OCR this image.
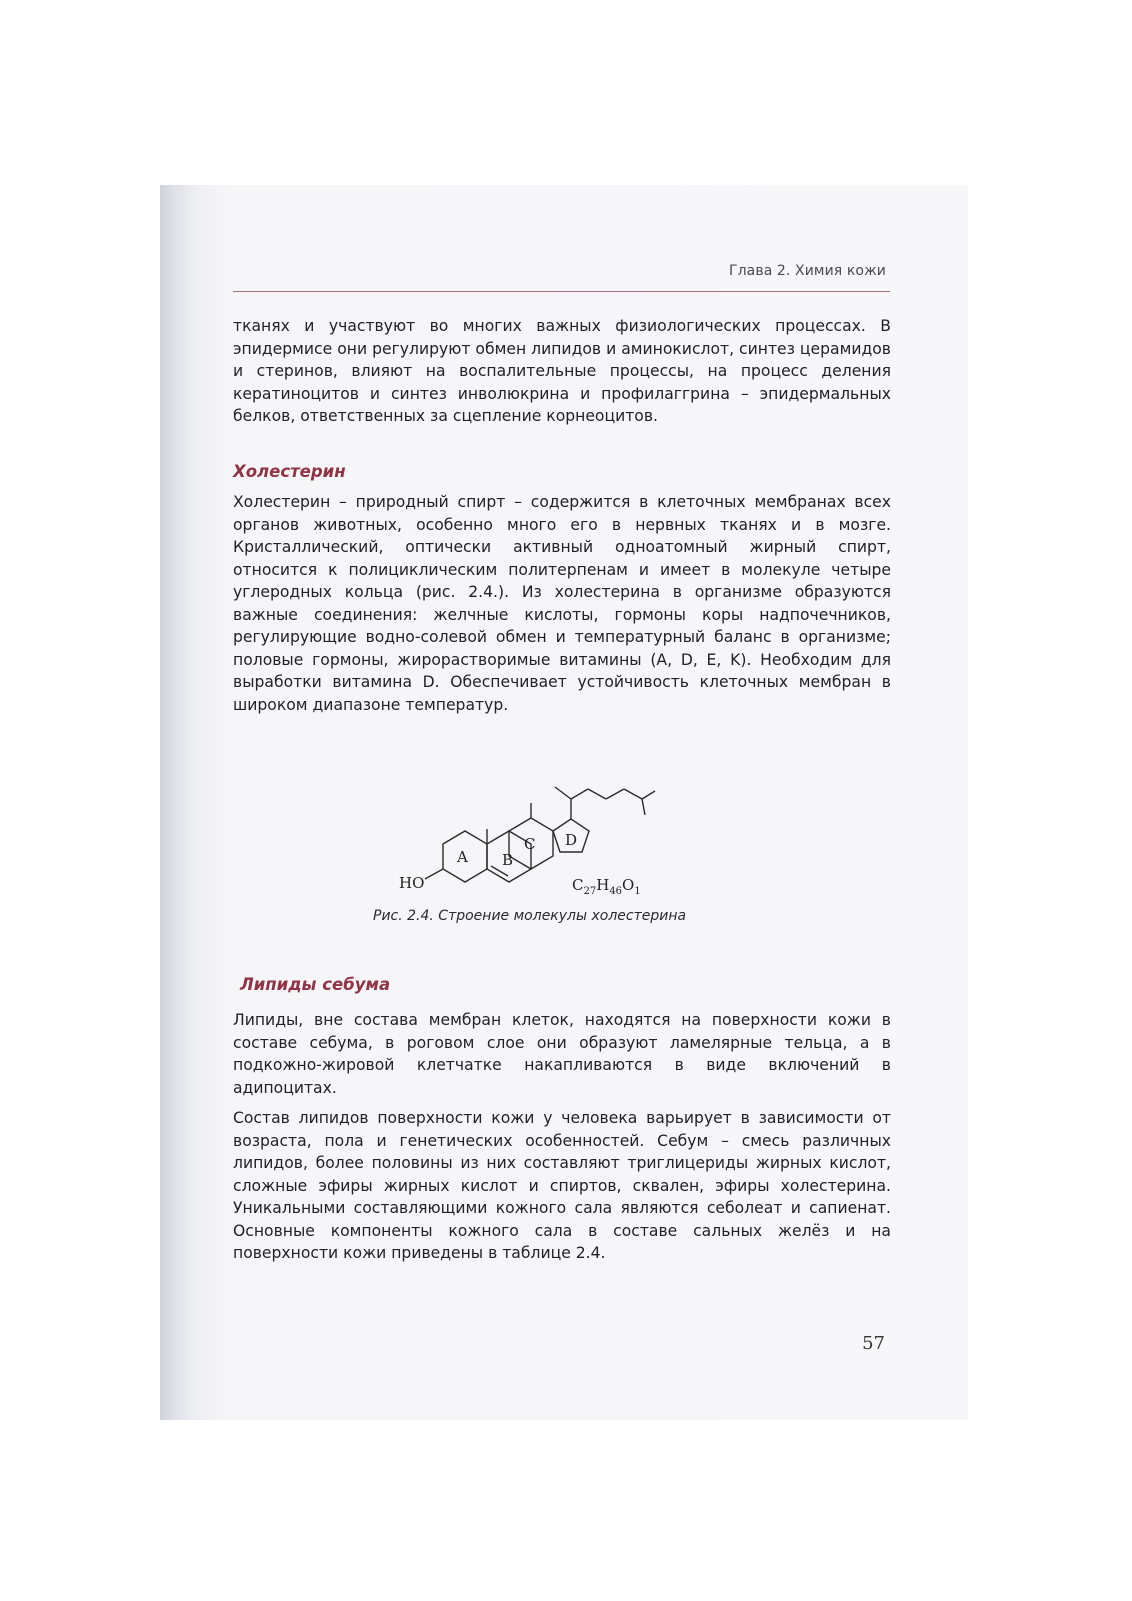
Глава 2. Химия кожи

тканях и участвуют во многих важных физиологических процессах. В эпидермисе они регулируют обмен липидов и аминокислот, синтез церамидов и стеринов, влияют на воспалительные процессы, на процесс деления кератиноцитов и синтез инволюкрина и профилаггрина – эпидермальных белков, ответственных за сцепление корнеоцитов.

Холестерин

Холестерин – природный спирт – содержится в клеточных мембранах всех органов животных, особенно много его в нервных тканях и в мозге. Кристаллический, оптически активный одноатомный жирный спирт, относится к полициклическим политерпенам и имеет в молекуле четыре углеродных кольца (рис. 2.4.). Из холестерина в организме образуются важные соединения: желчные кислоты, гормоны коры надпочечников, регулирующие водно-солевой обмен и температурный баланс в организме; половые гормоны, жирорастворимые витамины (A, D, E, K). Необходим для выработки витамина D. Обеспечивает устойчивость клеточных мембран в широком диапазоне температур.

A B
C D
HO	$C_{27}H_{46}O_1$

Рис. 2.4. Строение молекулы холестерина

Липиды себума

Липиды, вне состава мембран клеток, находятся на поверхности кожи в составе себума, в роговом слое они образуют ламелярные тельца, а в подкожно-жировой клетчатке накапливаются в виде включений в адипоцитах.

Состав липидов поверхности кожи у человека варьирует в зависимости от возраста, пола и генетических особенностей. Себум – смесь различных липидов, более половины из них составляют триглицериды жирных кислот, сложные эфиры жирных кислот и спиртов, сквален, эфиры холестерина. Уникальными составляющими кожного сала являются себолеат и сапиенат. Основные компоненты кожного сала в составе сальных желёз и на поверхности кожи приведены в таблице 2.4.

57
